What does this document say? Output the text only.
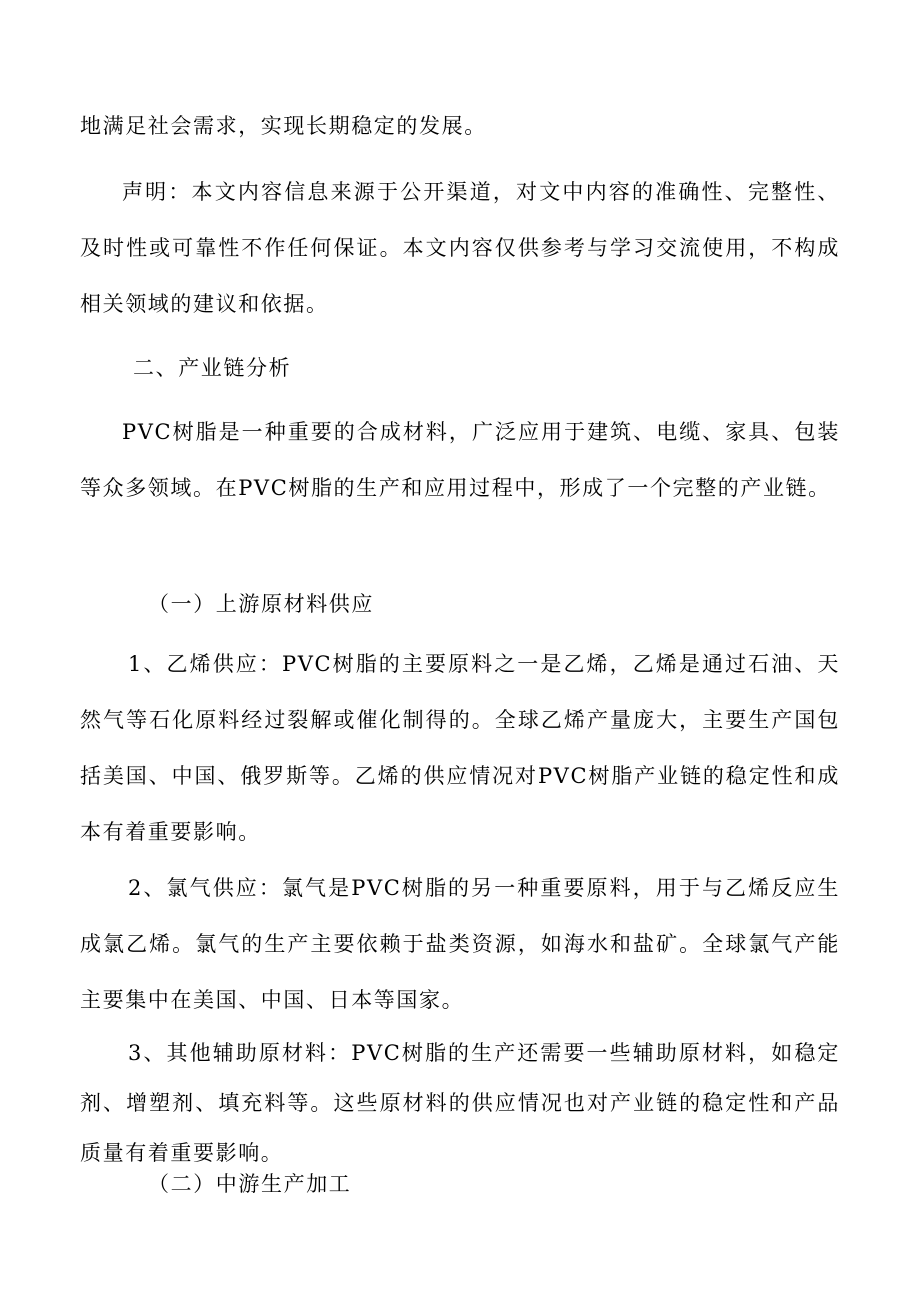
地满足社会需求，实现长期稳定的发展。

声明：本文内容信息来源于公开渠道，对文中内容的准确性、完整性、及时性或可靠性不作任何保证。本文内容仅供参考与学习交流使用，不构成相关领域的建议和依据。

二、产业链分析

PVC树脂是一种重要的合成材料，广泛应用于建筑、电缆、家具、包装等众多领域。在PVC树脂的生产和应用过程中，形成了一个完整的产业链。

（一）上游原材料供应

1、乙烯供应：PVC树脂的主要原料之一是乙烯，乙烯是通过石油、天然气等石化原料经过裂解或催化制得的。全球乙烯产量庞大，主要生产国包括美国、中国、俄罗斯等。乙烯的供应情况对PVC树脂产业链的稳定性和成本有着重要影响。

2、氯气供应：氯气是PVC树脂的另一种重要原料，用于与乙烯反应生成氯乙烯。氯气的生产主要依赖于盐类资源，如海水和盐矿。全球氯气产能主要集中在美国、中国、日本等国家。

3、其他辅助原材料：PVC树脂的生产还需要一些辅助原材料，如稳定剂、增塑剂、填充料等。这些原材料的供应情况也对产业链的稳定性和产品质量有着重要影响。

（二）中游生产加工
